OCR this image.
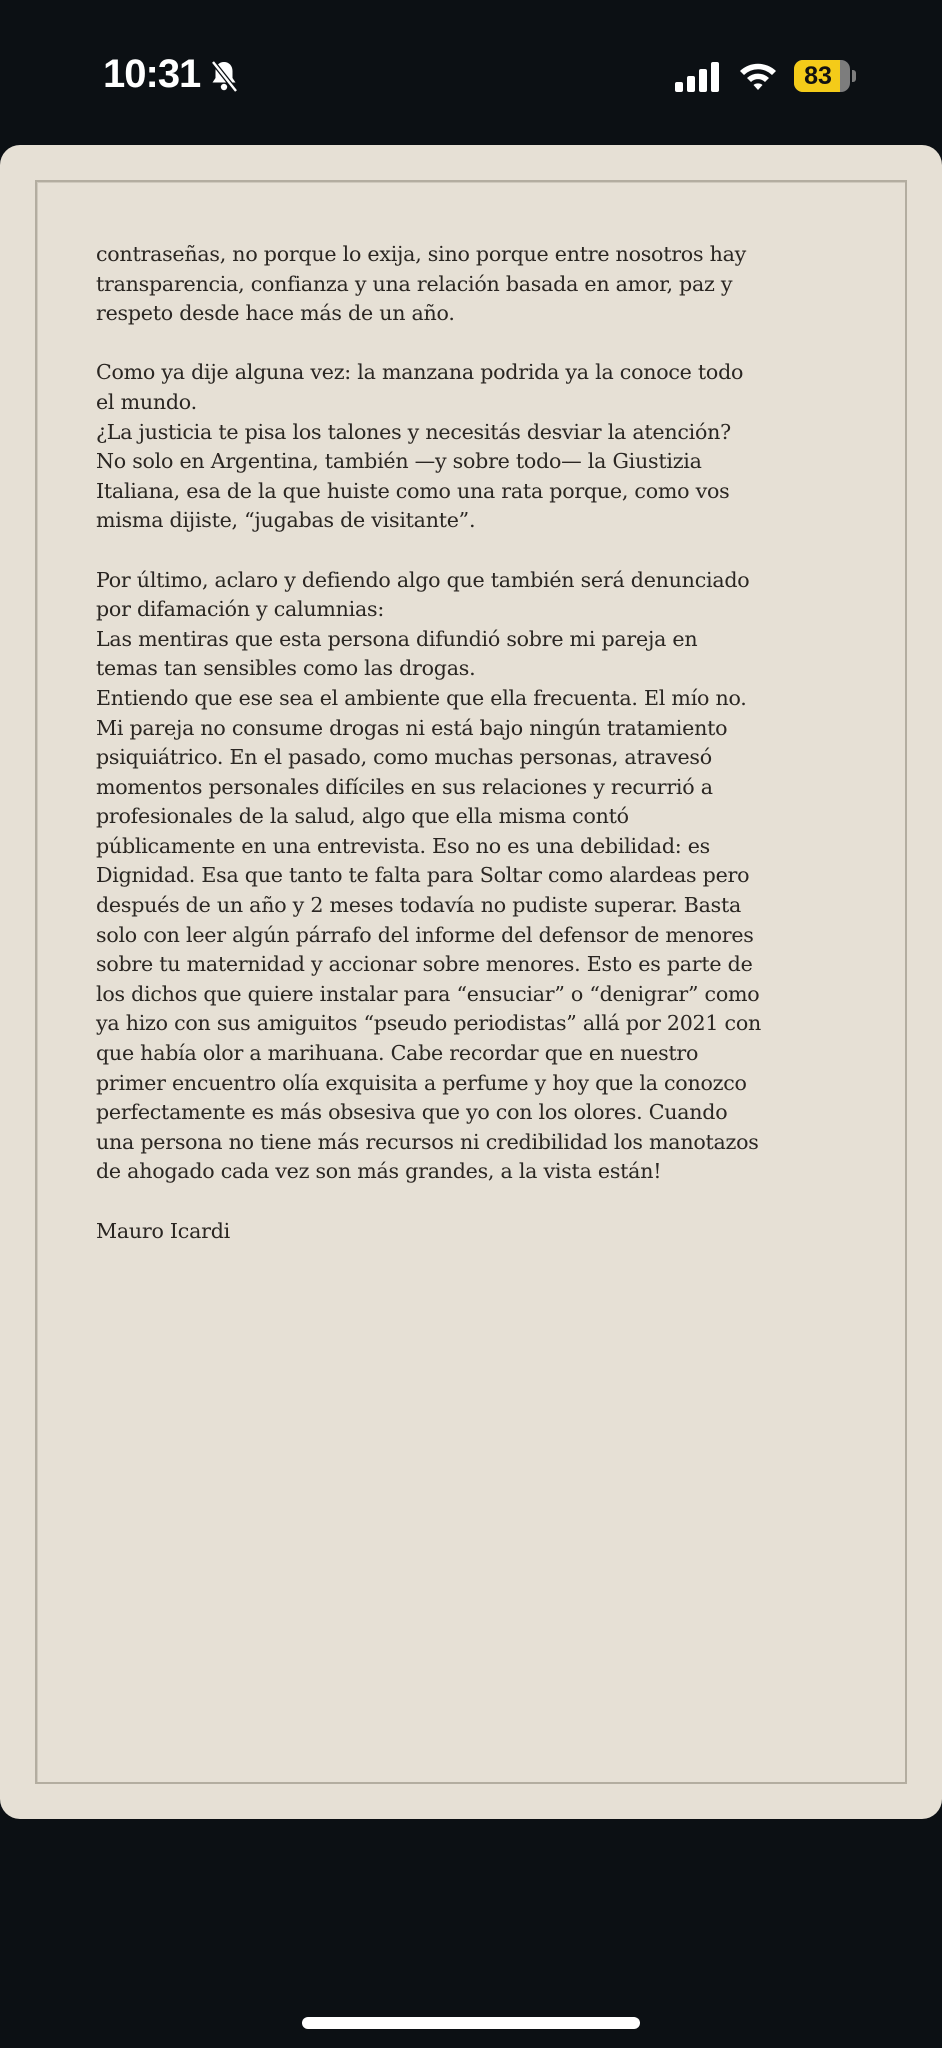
10:31	83
contraseñas, no porque lo exija, sino porque entre nosotros hay
transparencia, confianza y una relación basada en amor, paz y
respeto desde hace más de un año.
Como ya dije alguna vez: la manzana podrida ya la conoce todo
el mundo.
¿La justicia te pisa los talones y necesitás desviar la atención?
No solo en Argentina, también —y sobre todo— la Giustizia
Italiana, esa de la que huiste como una rata porque, como vos
misma dijiste, “jugabas de visitante”.
Por último, aclaro y defiendo algo que también será denunciado
por difamación y calumnias:
Las mentiras que esta persona difundió sobre mi pareja en
temas tan sensibles como las drogas.
Entiendo que ese sea el ambiente que ella frecuenta. El mío no.
Mi pareja no consume drogas ni está bajo ningún tratamiento
psiquiátrico. En el pasado, como muchas personas, atravesó
momentos personales difíciles en sus relaciones y recurrió a
profesionales de la salud, algo que ella misma contó
públicamente en una entrevista. Eso no es una debilidad: es
Dignidad. Esa que tanto te falta para Soltar como alardeas pero
después de un año y 2 meses todavía no pudiste superar. Basta
solo con leer algún párrafo del informe del defensor de menores
sobre tu maternidad y accionar sobre menores. Esto es parte de
los dichos que quiere instalar para “ensuciar” o “denigrar” como
ya hizo con sus amiguitos “pseudo periodistas” allá por 2021 con
que había olor a marihuana. Cabe recordar que en nuestro
primer encuentro olía exquisita a perfume y hoy que la conozco
perfectamente es más obsesiva que yo con los olores. Cuando
una persona no tiene más recursos ni credibilidad los manotazos
de ahogado cada vez son más grandes, a la vista están!
Mauro Icardi
